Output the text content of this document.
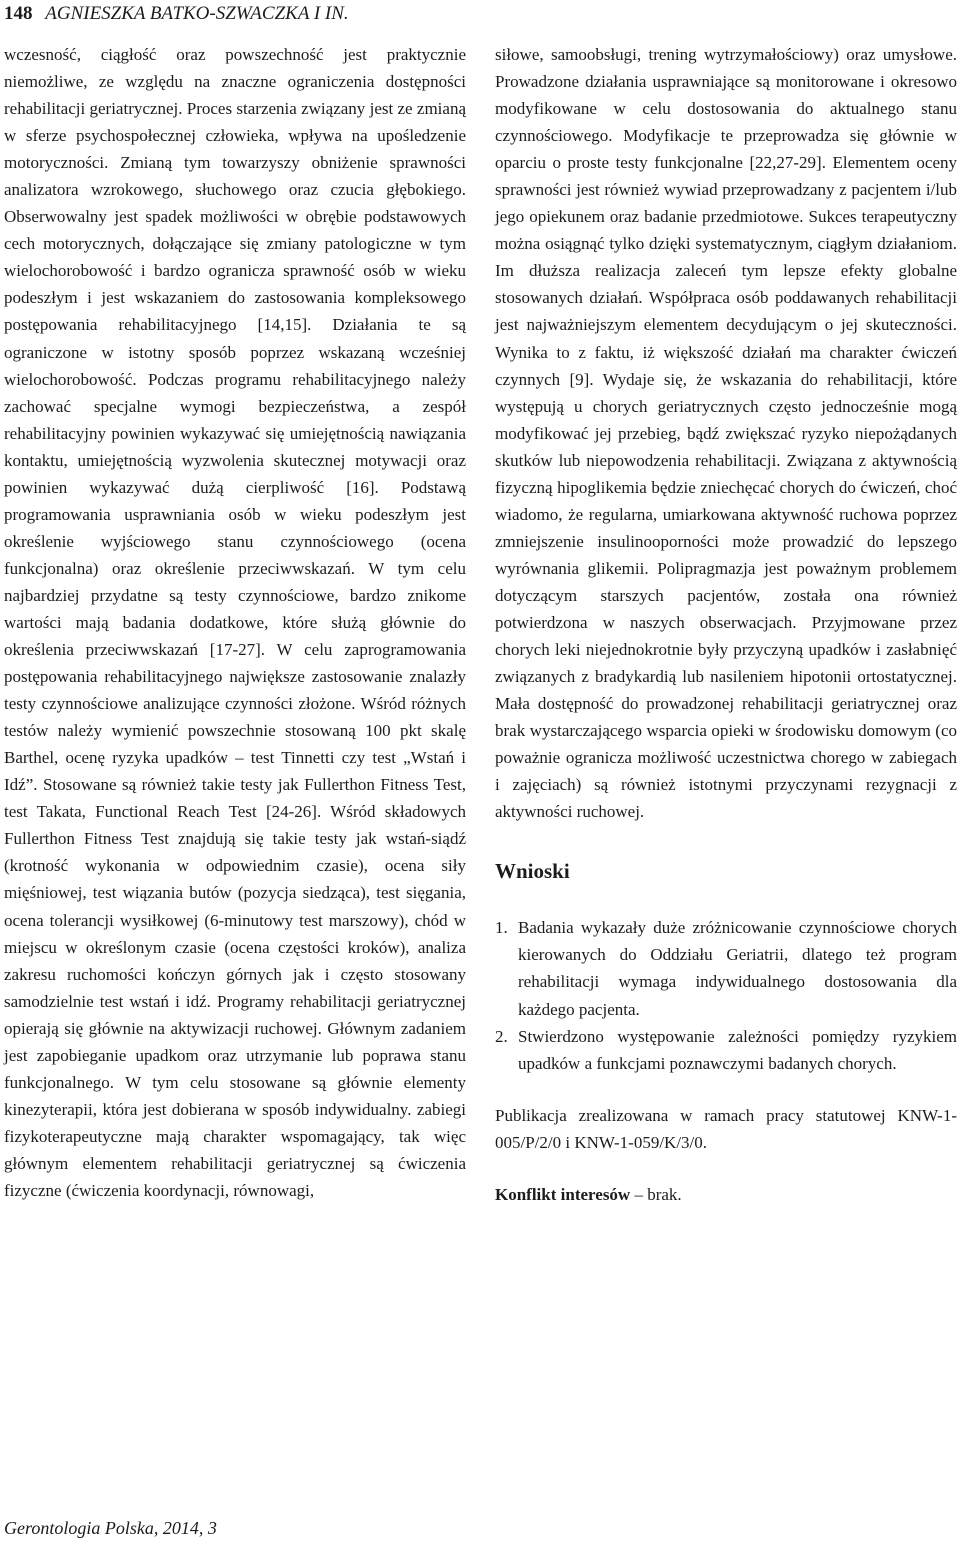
148 AGNIESZKA BATKO-SZWACZKA I IN.

wczesność, ciągłość oraz powszechność jest praktycznie niemożliwe, ze względu na znaczne ograniczenia dostępności rehabilitacji geriatrycznej. Proces starzenia związany jest ze zmianą w sferze psychospołecznej człowieka, wpływa na upośledzenie motoryczności. Zmianą tym towarzyszy obniżenie sprawności analizatora wzrokowego, słuchowego oraz czucia głębokiego. Obserwowalny jest spadek możliwości w obrębie podstawowych cech motorycznych, dołączające się zmiany patologiczne w tym wielochorobowość i bardzo ogranicza sprawność osób w wieku podeszłym i jest wskazaniem do zastosowania kompleksowego postępowania rehabilitacyjnego [14,15]. Działania te są ograniczone w istotny sposób poprzez wskazaną wcześniej wielochorobowość. Podczas programu rehabilitacyjnego należy zachować specjalne wymogi bezpieczeństwa, a zespół rehabilitacyjny powinien wykazywać się umiejętnością nawiązania kontaktu, umiejętnością wyzwolenia skutecznej motywacji oraz powinien wykazywać dużą cierpliwość [16]. Podstawą programowania usprawniania osób w wieku podeszłym jest określenie wyjściowego stanu czynnościowego (ocena funkcjonalna) oraz określenie przeciwwskazań. W tym celu najbardziej przydatne są testy czynnościowe, bardzo znikome wartości mają badania dodatkowe, które służą głównie do określenia przeciwwskazań [17-27]. W celu zaprogramowania postępowania rehabilitacyjnego największe zastosowanie znalazły testy czynnościowe analizujące czynności złożone. Wśród różnych testów należy wymienić powszechnie stosowaną 100 pkt skalę Barthel, ocenę ryzyka upadków – test Tinnetti czy test „Wstań i Idź”. Stosowane są również takie testy jak Fullerthon Fitness Test, test Takata, Functional Reach Test [24-26]. Wśród składowych Fullerthon Fitness Test znajdują się takie testy jak wstań-siądź (krotność wykonania w odpowiednim czasie), ocena siły mięśniowej, test wiązania butów (pozycja siedząca), test sięgania, ocena tolerancji wysiłkowej (6-minutowy test marszowy), chód w miejscu w określonym czasie (ocena częstości kroków), analiza zakresu ruchomości kończyn górnych jak i często stosowany samodzielnie test wstań i idź. Programy rehabilitacji geriatrycznej opierają się głównie na aktywizacji ruchowej. Głównym zadaniem jest zapobieganie upadkom oraz utrzymanie lub poprawa stanu funkcjonalnego. W tym celu stosowane są głównie elementy kinezyterapii, która jest dobierana w sposób indywidualny. zabiegi fizykoterapeutyczne mają charakter wspomagający, tak więc głównym elementem rehabilitacji geriatrycznej są ćwiczenia fizyczne (ćwiczenia koordynacji, równowagi,

siłowe, samoobsługi, trening wytrzymałościowy) oraz umysłowe. Prowadzone działania usprawniające są monitorowane i okresowo modyfikowane w celu dostosowania do aktualnego stanu czynnościowego. Modyfikacje te przeprowadza się głównie w oparciu o proste testy funkcjonalne [22,27-29]. Elementem oceny sprawności jest również wywiad przeprowadzany z pacjentem i/lub jego opiekunem oraz badanie przedmiotowe. Sukces terapeutyczny można osiągnąć tylko dzięki systematycznym, ciągłym działaniom. Im dłuższa realizacja zaleceń tym lepsze efekty globalne stosowanych działań. Współpraca osób poddawanych rehabilitacji jest najważniejszym elementem decydującym o jej skuteczności. Wynika to z faktu, iż większość działań ma charakter ćwiczeń czynnych [9]. Wydaje się, że wskazania do rehabilitacji, które występują u chorych geriatrycznych często jednocześnie mogą modyfikować jej przebieg, bądź zwiększać ryzyko niepożądanych skutków lub niepowodzenia rehabilitacji. Związana z aktywnością fizyczną hipoglikemia będzie zniechęcać chorych do ćwiczeń, choć wiadomo, że regularna, umiarkowana aktywność ruchowa poprzez zmniejszenie insulinooporności może prowadzić do lepszego wyrównania glikemii. Polipragmazja jest poważnym problemem dotyczącym starszych pacjentów, została ona również potwierdzona w naszych obserwacjach. Przyjmowane przez chorych leki niejednokrotnie były przyczyną upadków i zasłabnięć związanych z bradykardią lub nasileniem hipotonii ortostatycznej. Mała dostępność do prowadzonej rehabilitacji geriatrycznej oraz brak wystarczającego wsparcia opieki w środowisku domowym (co poważnie ogranicza możliwość uczestnictwa chorego w zabiegach i zajęciach) są również istotnymi przyczynami rezygnacji z aktywności ruchowej.

Wnioski
1. Badania wykazały duże zróżnicowanie czynnościowe chorych kierowanych do Oddziału Geriatrii, dlatego też program rehabilitacji wymaga indywidualnego dostosowania dla każdego pacjenta.
2. Stwierdzono występowanie zależności pomiędzy ryzykiem upadków a funkcjami poznawczymi badanych chorych.

Publikacja zrealizowana w ramach pracy statutowej KNW-1-005/P/2/0 i KNW-1-059/K/3/0.

Konflikt interesów – brak.

Gerontologia Polska, 2014, 3
